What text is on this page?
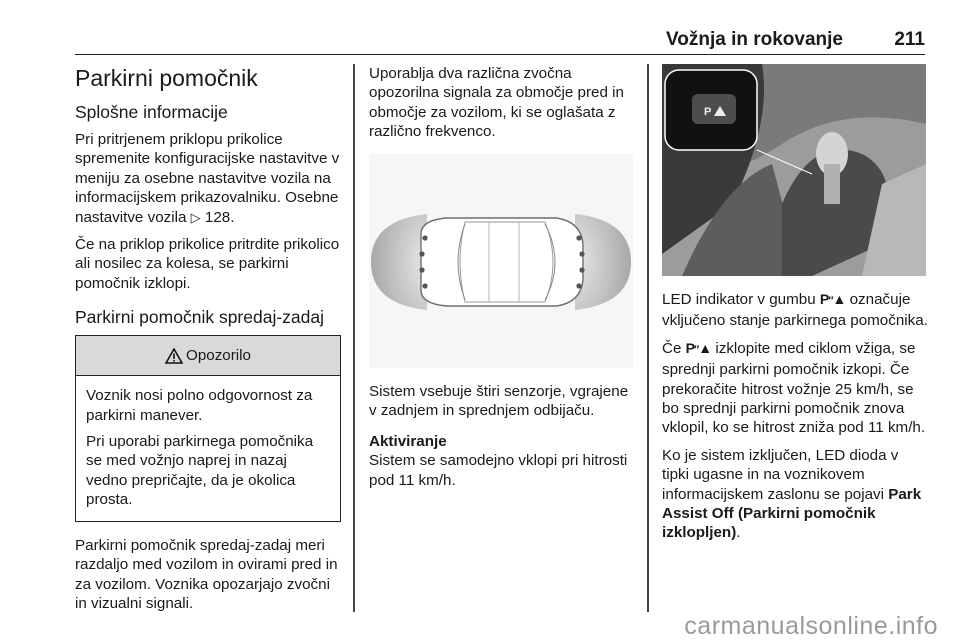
Vožnja in rokovanje	211
Parkirni pomočnik
Splošne informacije

Pri pritrjenem priklopu prikolice spremenite konfiguracijske nastavitve v meniju za osebne nastavitve vozila na informacijskem prikazovalniku. Osebne nastavitve vozila ▷ 128.

Če na priklop prikolice pritrdite prikolico ali nosilec za kolesa, se parkirni pomočnik izklopi.

Parkirni pomočnik spredaj-zadaj
Opozorilo

Voznik nosi polno odgovornost za parkirni manever.

Pri uporabi parkirnega pomočnika se med vožnjo naprej in nazaj vedno prepričajte, da je okolica prosta.

Parkirni pomočnik spredaj-zadaj meri razdaljo med vozilom in ovirami pred in za vozilom. Voznika opozarjajo zvočni in vizualni signali.

Uporablja dva različna zvočna opozorilna signala za območje pred in območje za vozilom, ki se oglašata z različno frekvenco.

Sistem vsebuje štiri senzorje, vgrajene v zadnjem in sprednjem odbijaču.

Aktiviranje

Sistem se samodejno vklopi pri hitrosti pod 11 km/h.

P

LED indikator v gumbu P″▲ označuje vključeno stanje parkirnega pomočnika.

Če P″▲ izklopite med ciklom vžiga, se sprednji parkirni pomočnik izkopi. Če prekoračite hitrost vožnje 25 km/h, se bo sprednji parkirni pomočnik znova vklopil, ko se hitrost zniža pod 11 km/h.

Ko je sistem izključen, LED dioda v tipki ugasne in na voznikovem informacijskem zaslonu se pojavi Park Assist Off (Parkirni pomočnik izklopljen).

carmanualsonline.info
